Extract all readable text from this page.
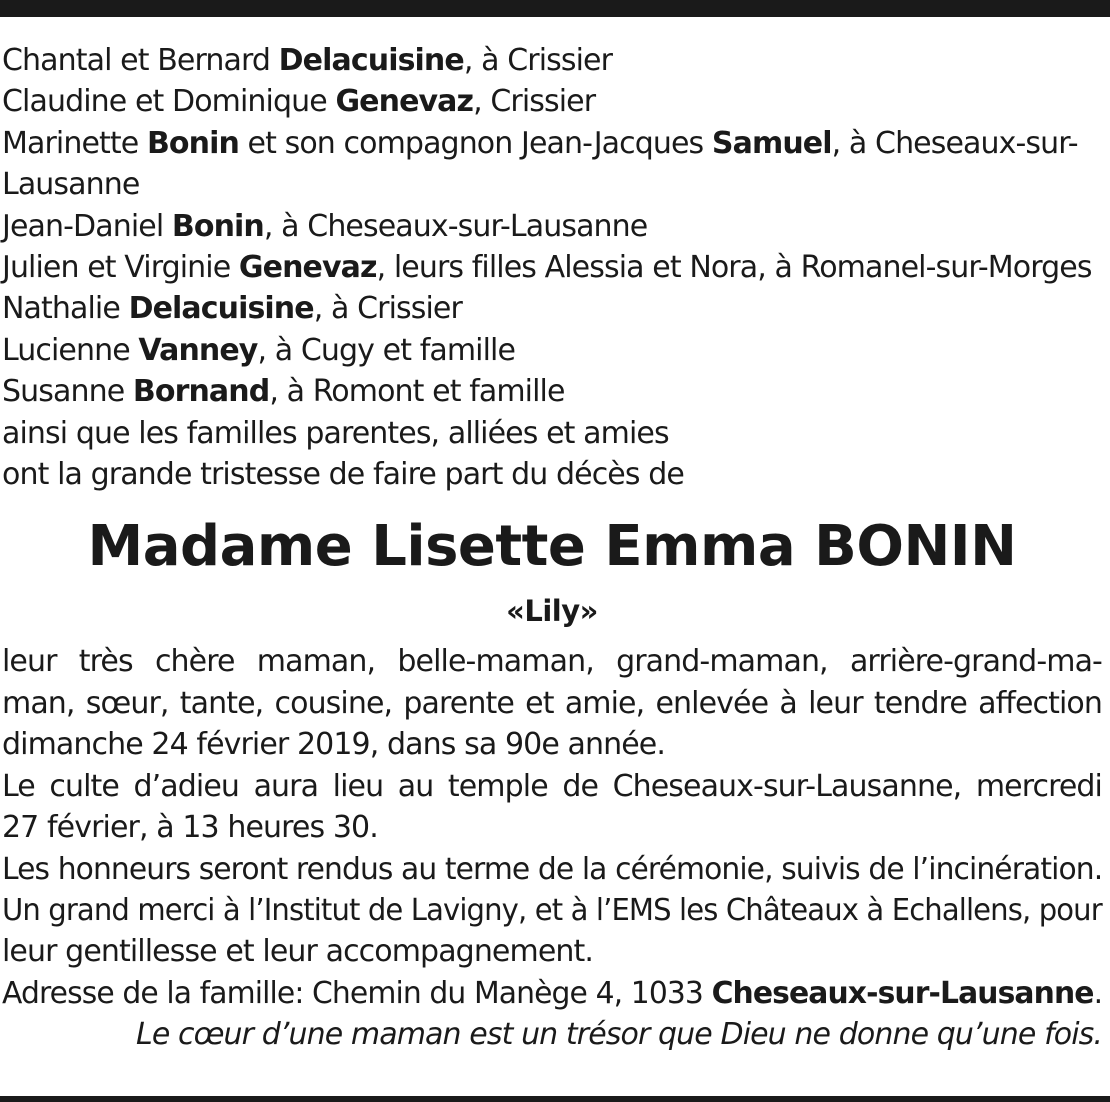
Chantal et Bernard Delacuisine, à Crissier
Claudine et Dominique Genevaz, Crissier
Marinette Bonin et son compagnon Jean-Jacques Samuel, à Cheseaux-sur-
Lausanne
Jean-Daniel Bonin, à Cheseaux-sur-Lausanne
Julien et Virginie Genevaz, leurs filles Alessia et Nora, à Romanel-sur-Morges
Nathalie Delacuisine, à Crissier
Lucienne Vanney, à Cugy et famille
Susanne Bornand, à Romont et famille
ainsi que les familles parentes, alliées et amies
ont la grande tristesse de faire part du décès de
Madame Lisette Emma BONIN
«Lily»
leur très chère maman, belle-maman, grand-maman, arrière-grand-ma-
man, sœur, tante, cousine, parente et amie, enlevée à leur tendre affection
dimanche 24 février 2019, dans sa 90e année.
Le culte d’adieu aura lieu au temple de Cheseaux-sur-Lausanne, mercredi
27 février, à 13 heures 30.
Les honneurs seront rendus au terme de la cérémonie, suivis de l’incinération.
Un grand merci à l’Institut de Lavigny, et à l’EMS les Châteaux à Echallens, pour
leur gentillesse et leur accompagnement.
Adresse de la famille: Chemin du Manège 4, 1033 Cheseaux-sur-Lausanne.
Le cœur d’une maman est un trésor que Dieu ne donne qu’une fois.
